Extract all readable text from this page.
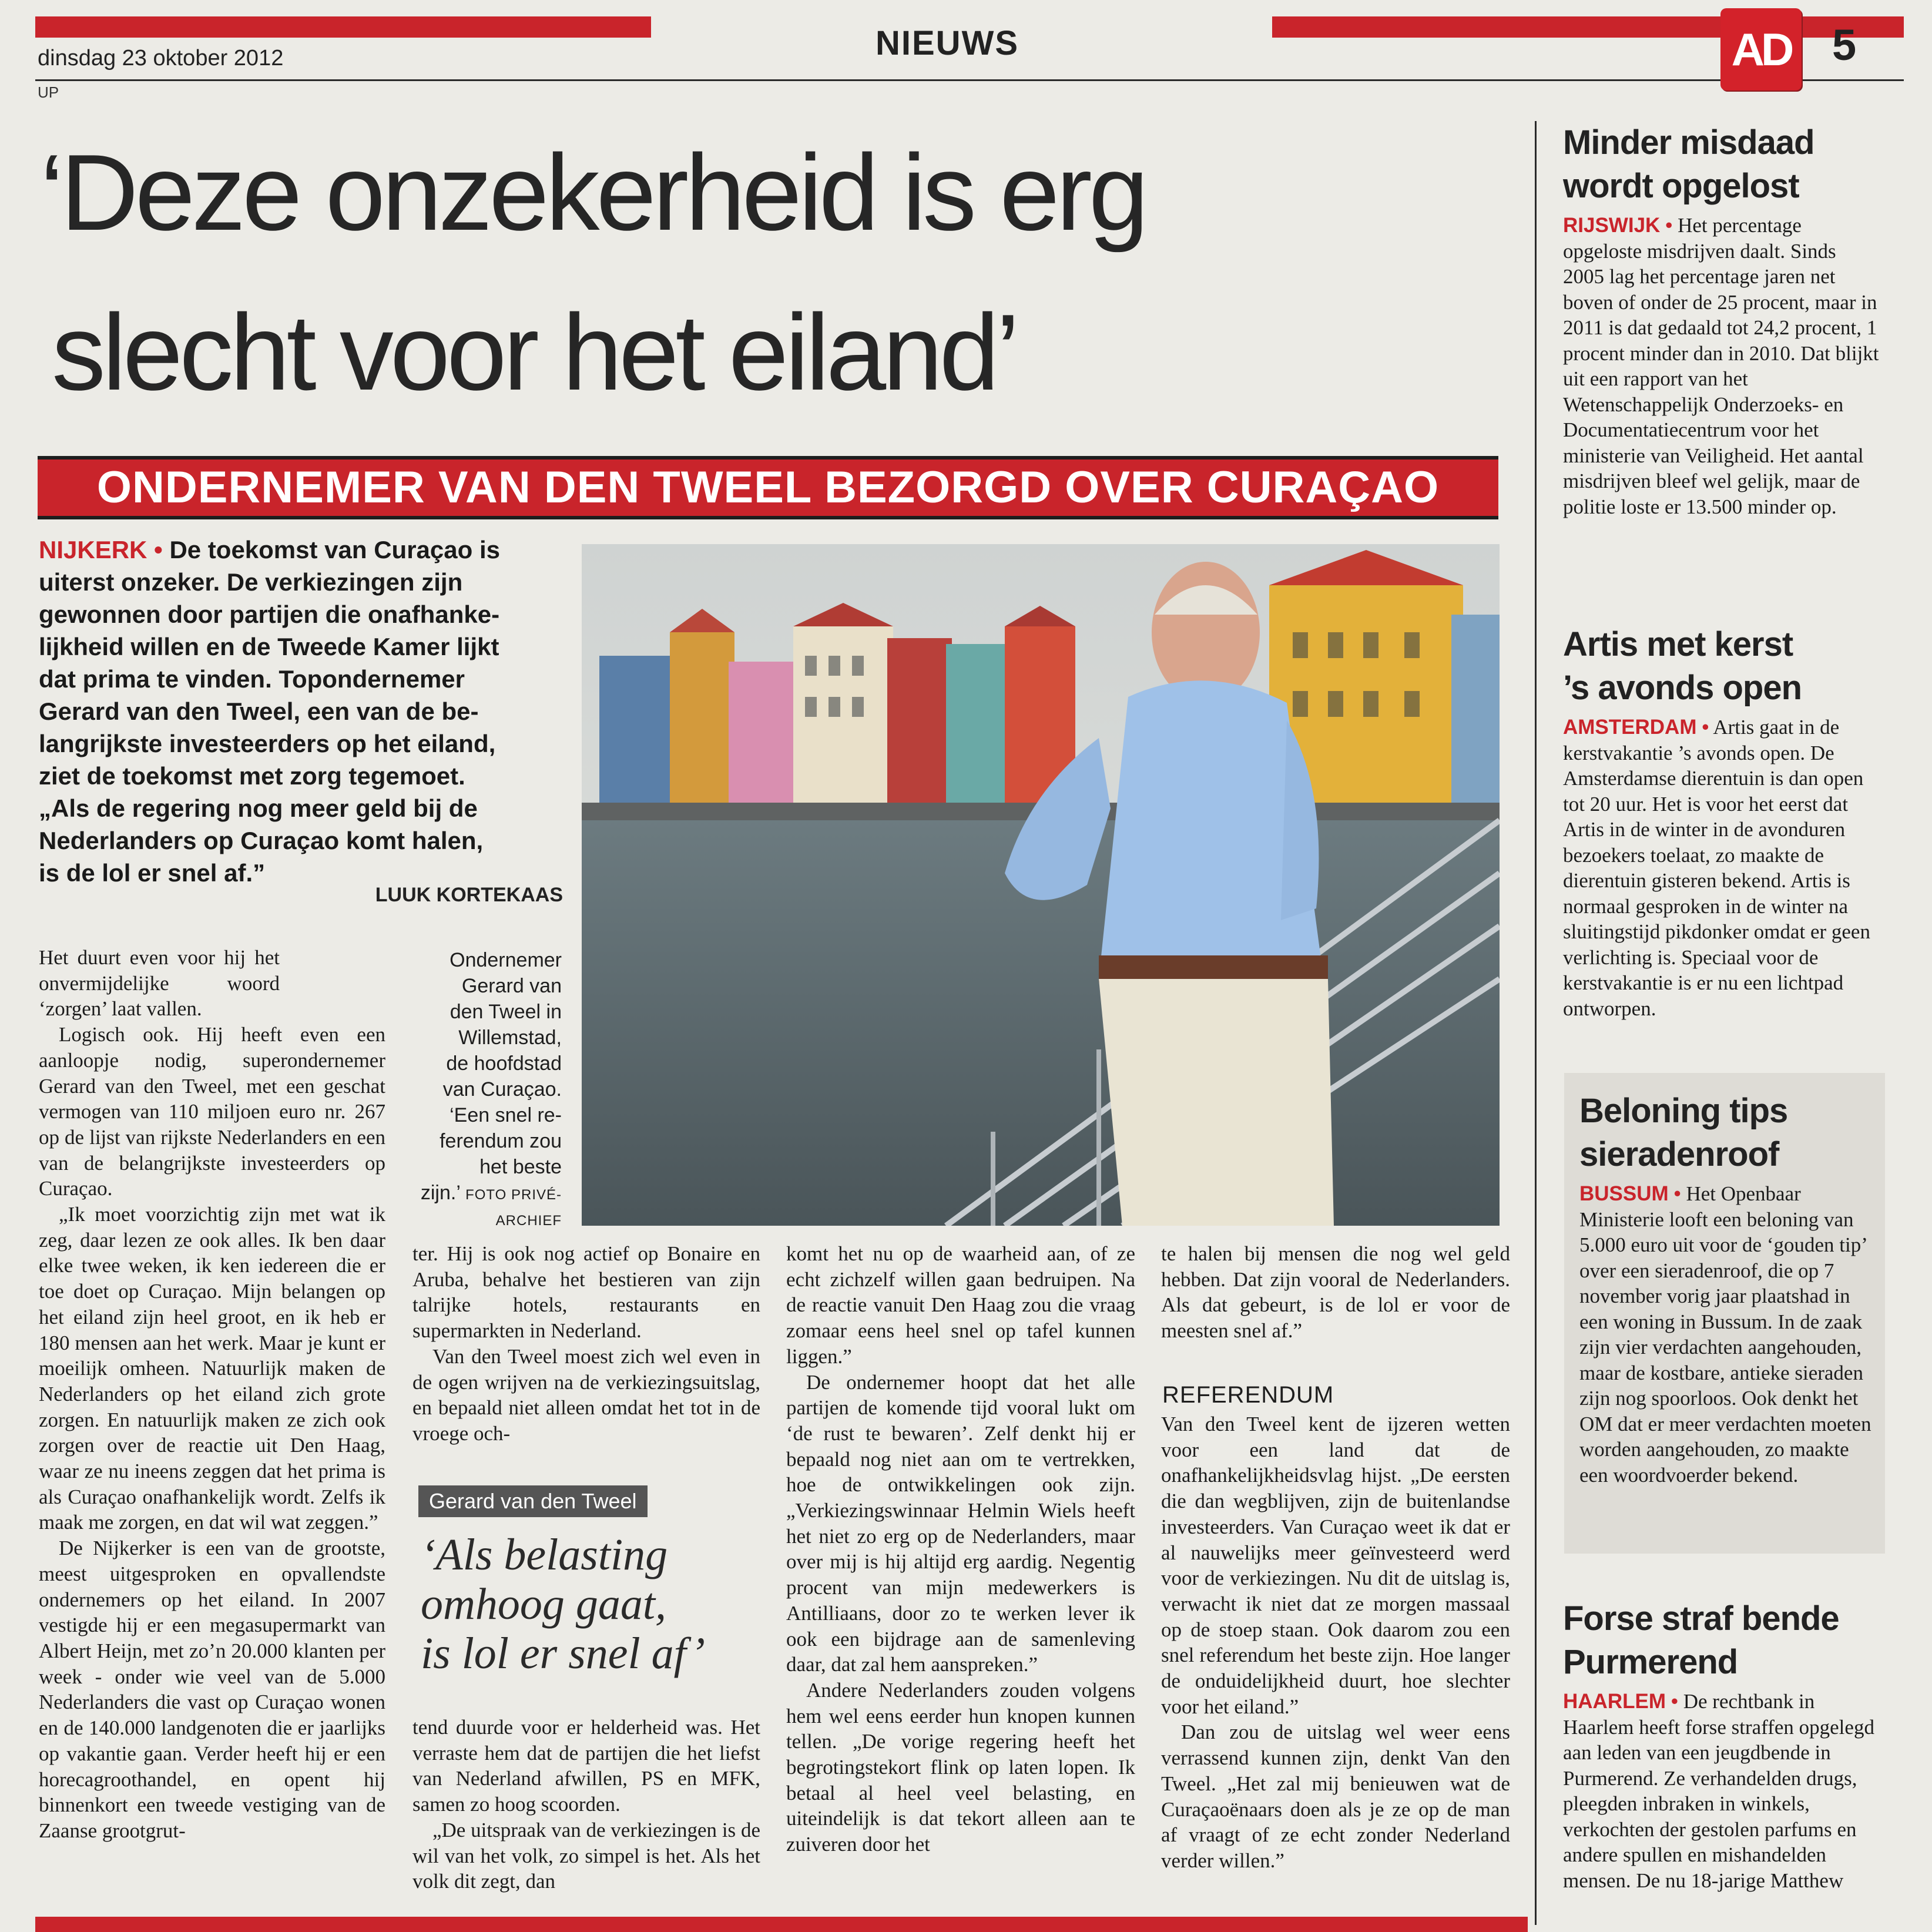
NIEUWS
dinsdag 23 oktober 2012
UP
AD 5
‘Deze onzekerheid is erg
slecht voor het eiland’
ONDERNEMER VAN DEN TWEEL BEZORGD OVER CURAÇAO
NIJKERK • De toekomst van Curaçao is
uiterst onzeker. De verkiezingen zijn
gewonnen door partijen die onafhanke-
lijkheid willen en de Tweede Kamer lijkt
dat prima te vinden. Topondernemer
Gerard van den Tweel, een van de be-
langrijkste investeerders op het eiland,
ziet de toekomst met zorg tegemoet.
„Als de regering nog meer geld bij de
Nederlanders op Curaçao komt halen,
is de lol er snel af.”
LUUK KORTEKAAS
Ondernemer
Gerard van
den Tweel in
Willemstad,
de hoofdstad
van Curaçao.
‘Een snel re-
ferendum zou
het beste
zijn.’ FOTO PRIVÉ-
ARCHIEF

Het duurt even voor hij het onvermijdelijke woord ‘zorgen’ laat vallen.

Logisch ook. Hij heeft even een aanloopje nodig, superondernemer Gerard van den Tweel, met een geschat vermogen van 110 miljoen euro nr. 267 op de lijst van rijkste Nederlanders en een van de belangrijkste investeerders op Curaçao.

„Ik moet voorzichtig zijn met wat ik zeg, daar lezen ze ook alles. Ik ben daar elke twee weken, ik ken iedereen die er toe doet op Curaçao. Mijn belangen op het eiland zijn heel groot, en ik heb er 180 mensen aan het werk. Maar je kunt er moeilijk omheen. Natuurlijk maken de Nederlanders op het eiland zich grote zorgen. En natuurlijk maken ze zich ook zorgen over de reactie uit Den Haag, waar ze nu ineens zeggen dat het prima is als Curaçao onafhankelijk wordt. Zelfs ik maak me zorgen, en dat wil wat zeggen.”

De Nijkerker is een van de grootste, meest uitgesproken en opvallendste ondernemers op het eiland. In 2007 vestigde hij er een megasupermarkt van Albert Heijn, met zo’n 20.000 klanten per week - onder wie veel van de 5.000 Nederlanders die vast op Curaçao wonen en de 140.000 landgenoten die er jaarlijks op vakantie gaan. Verder heeft hij er een horecagroothandel, en opent hij binnenkort een tweede vestiging van de Zaanse grootgrut-

ter. Hij is ook nog actief op Bonaire en Aruba, behalve het bestieren van zijn talrijke hotels, restaurants en supermarkten in Nederland.

Van den Tweel moest zich wel even in de ogen wrijven na de verkiezingsuitslag, en bepaald niet alleen omdat het tot in de vroege och-

Gerard van den Tweel
‘Als belasting
omhoog gaat,
is lol er snel af’

tend duurde voor er helderheid was. Het verraste hem dat de partijen die het liefst van Nederland afwillen, PS en MFK, samen zo hoog scoorden.

„De uitspraak van de verkiezingen is de wil van het volk, zo simpel is het. Als het volk dit zegt, dan

komt het nu op de waarheid aan, of ze echt zichzelf willen gaan bedruipen. Na de reactie vanuit Den Haag zou die vraag zomaar eens heel snel op tafel kunnen liggen.”

De ondernemer hoopt dat het alle partijen de komende tijd vooral lukt om ‘de rust te bewaren’. Zelf denkt hij er bepaald nog niet aan om te vertrekken, hoe de ontwikkelingen ook zijn. „Verkiezingswinnaar Helmin Wiels heeft het niet zo erg op de Nederlanders, maar over mij is hij altijd erg aardig. Negentig procent van mijn medewerkers is Antilliaans, door zo te werken lever ik ook een bijdrage aan de samenleving daar, dat zal hem aanspreken.”

Andere Nederlanders zouden volgens hem wel eens eerder hun knopen kunnen tellen. „De vorige regering heeft het begrotingstekort flink op laten lopen. Ik betaal al heel veel belasting, en uiteindelijk is dat tekort alleen aan te zuiveren door het

te halen bij mensen die nog wel geld hebben. Dat zijn vooral de Nederlanders. Als dat gebeurt, is de lol er voor de meesten snel af.”

REFERENDUM

Van den Tweel kent de ijzeren wetten voor een land dat de onafhankelijkheidsvlag hijst. „De eersten die dan wegblijven, zijn de buitenlandse investeerders. Van Curaçao weet ik dat er al nauwelijks meer geïnvesteerd werd voor de verkiezingen. Nu dit de uitslag is, verwacht ik niet dat ze morgen massaal op de stoep staan. Ook daarom zou een snel referendum het beste zijn. Hoe langer de onduidelijkheid duurt, hoe slechter voor het eiland.”

Dan zou de uitslag wel weer eens verrassend kunnen zijn, denkt Van den Tweel. „Het zal mij benieuwen wat de Curaçaoënaars doen als je ze op de man af vraagt of ze echt zonder Nederland verder willen.”

Minder misdaad
wordt opgelost
RIJSWIJK • Het percentage opgeloste misdrijven daalt. Sinds 2005 lag het percentage jaren net boven of onder de 25 procent, maar in 2011 is dat gedaald tot 24,2 procent, 1 procent minder dan in 2010. Dat blijkt uit een rapport van het Wetenschappelijk Onderzoeks- en Documentatiecentrum voor het ministerie van Veiligheid. Het aantal misdrijven bleef wel gelijk, maar de politie loste er 13.500 minder op.
Artis met kerst
’s avonds open
AMSTERDAM • Artis gaat in de kerstvakantie ’s avonds open. De Amsterdamse dierentuin is dan open tot 20 uur. Het is voor het eerst dat Artis in de winter in de avonduren bezoekers toelaat, zo maakte de dierentuin gisteren bekend. Artis is normaal gesproken in de winter na sluitingstijd pikdonker omdat er geen verlichting is. Speciaal voor de kerstvakantie is er nu een lichtpad ontworpen.
Beloning tips
sieradenroof
BUSSUM • Het Openbaar Ministerie looft een beloning van 5.000 euro uit voor de ‘gouden tip’ over een sieradenroof, die op 7 november vorig jaar plaatshad in een woning in Bussum. In de zaak zijn vier verdachten aangehouden, maar de kostbare, antieke sieraden zijn nog spoorloos. Ook denkt het OM dat er meer verdachten moeten worden aangehouden, zo maakte een woordvoerder bekend.
Forse straf bende
Purmerend
HAARLEM • De rechtbank in Haarlem heeft forse straffen opgelegd aan leden van een jeugdbende in Purmerend. Ze verhandelden drugs, pleegden inbraken in winkels, verkochten der gestolen parfums en andere spullen en mishandelden mensen. De nu 18-jarige Matthew
